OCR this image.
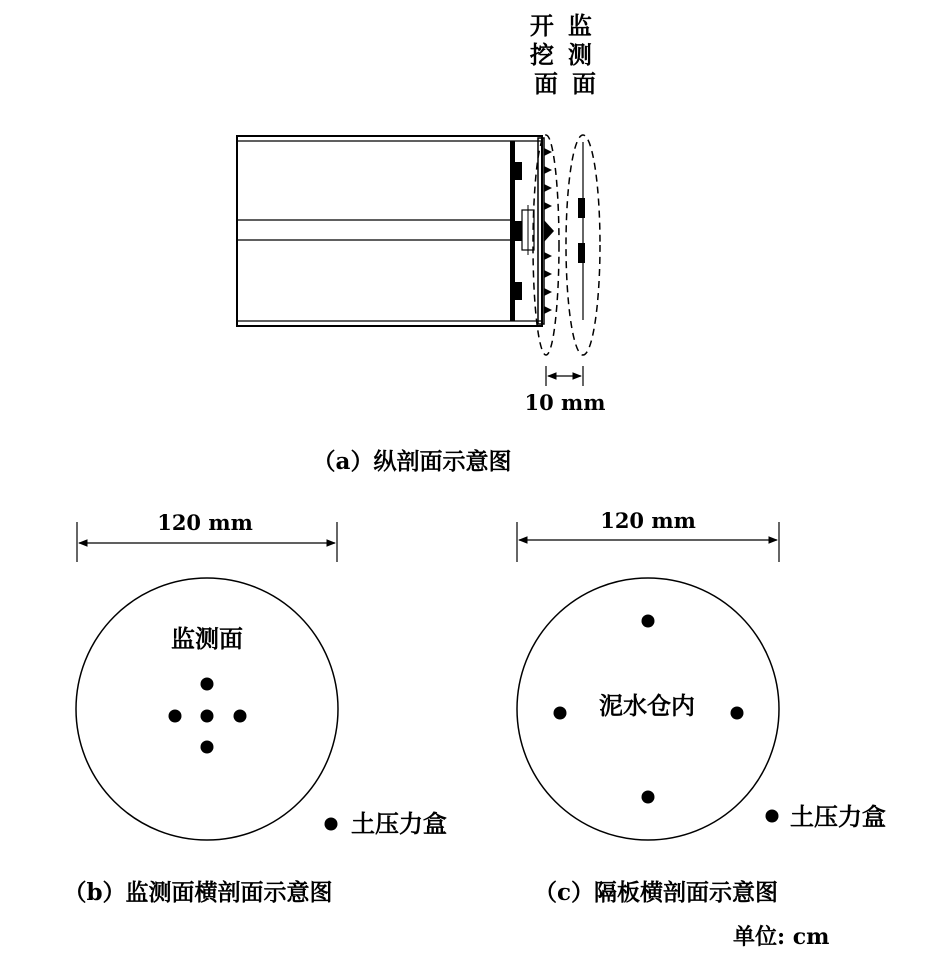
开 挖 面
监 测 面
10 mm
（a）纵剖面示意图
120 mm
监测面
土压力盒
（b）监测面横剖面示意图
120 mm
泥水仓内
土压力盒
（c）隔板横剖面示意图
单位: cm
